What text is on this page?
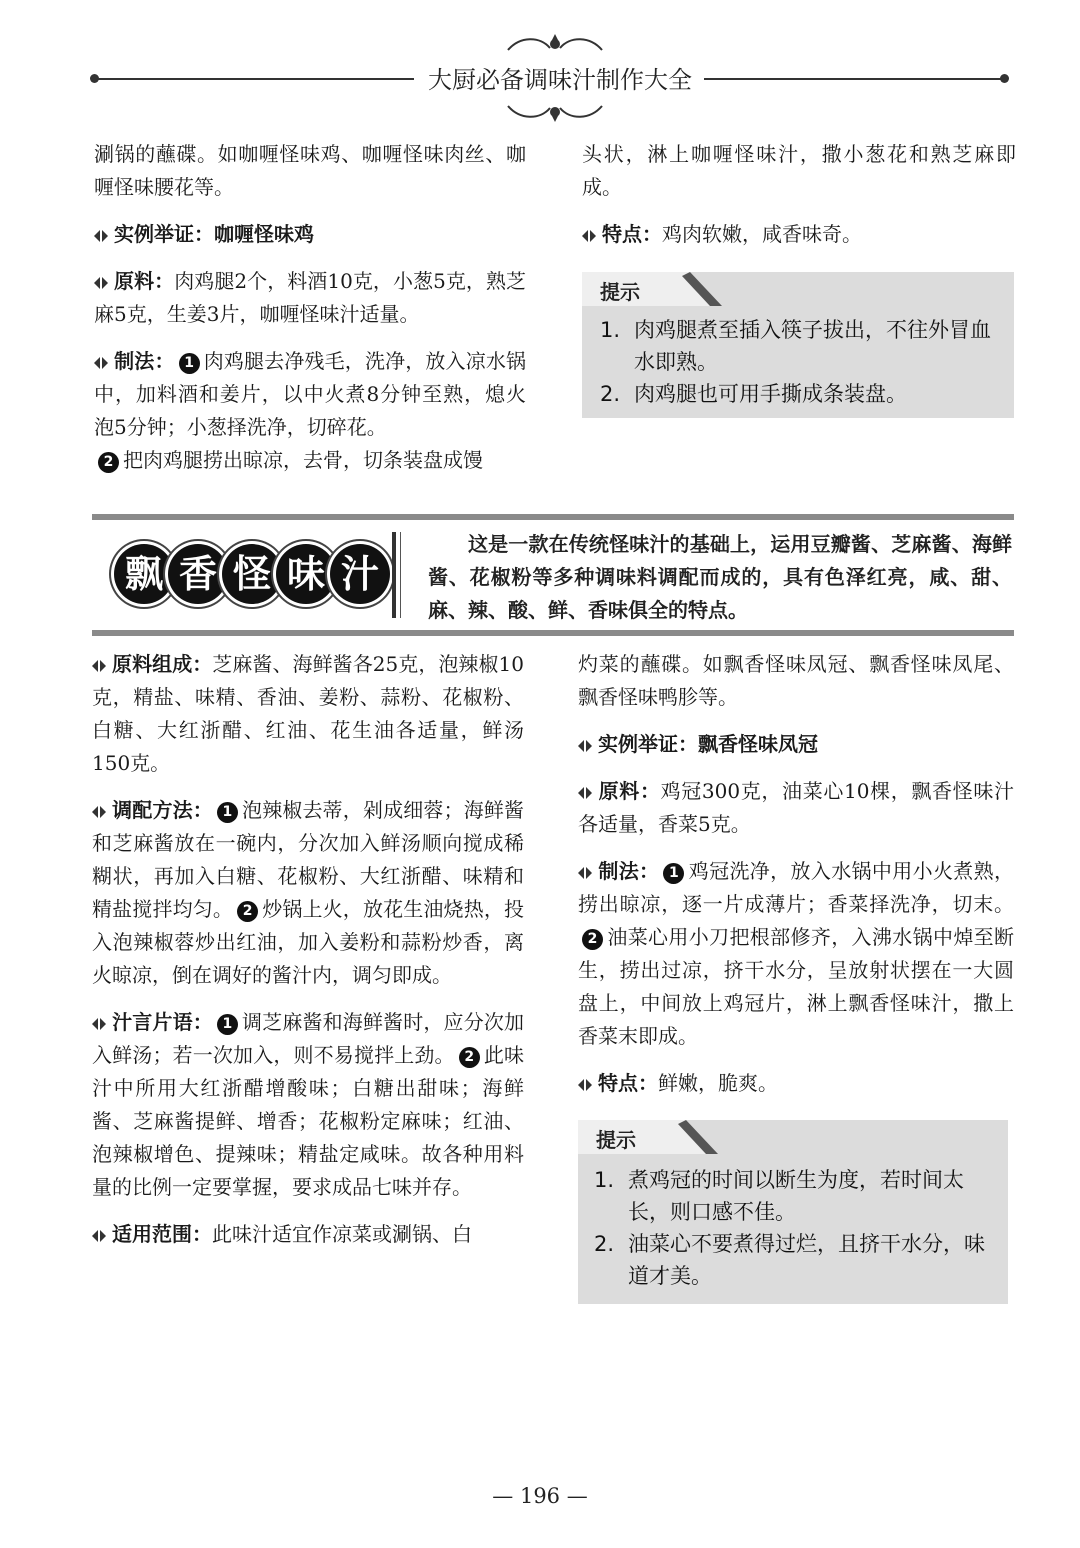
大厨必备调味汁制作大全

涮锅的蘸碟。如咖喱怪味鸡、咖喱怪味肉丝、咖喱怪味腰花等。

实例举证：咖喱怪味鸡

原料：肉鸡腿2个，料酒10克，小葱5克，熟芝麻5克，生姜3片，咖喱怪味汁适量。

制法： 1 肉鸡腿去净残毛，洗净，放入凉水锅中，加料酒和姜片，以中火煮8分钟至熟，熄火泡5分钟；小葱择洗净，切碎花。
2 把肉鸡腿捞出晾凉，去骨，切条装盘成馒

头状，淋上咖喱怪味汁，撒小葱花和熟芝麻即成。

特点：鸡肉软嫩，咸香味奇。

提示
1. 肉鸡腿煮至插入筷子拔出，不往外冒血水即熟。
2. 肉鸡腿也可用手撕成条装盘。
飘 香 怪 味 汁
这是一款在传统怪味汁的基础上，运用豆瓣酱、芝麻酱、海鲜酱、花椒粉等多种调味料调配而成的，具有色泽红亮，咸、甜、麻、辣、酸、鲜、香味俱全的特点。

原料组成：芝麻酱、海鲜酱各25克，泡辣椒10克，精盐、味精、香油、姜粉、蒜粉、花椒粉、白糖、大红浙醋、红油、花生油各适量，鲜汤150克。

调配方法： 1 泡辣椒去蒂，剁成细蓉；海鲜酱和芝麻酱放在一碗内，分次加入鲜汤顺向搅成稀糊状，再加入白糖、花椒粉、大红浙醋、味精和精盐搅拌均匀。 2 炒锅上火，放花生油烧热，投入泡辣椒蓉炒出红油，加入姜粉和蒜粉炒香，离火晾凉，倒在调好的酱汁内，调匀即成。

汁言片语： 1 调芝麻酱和海鲜酱时，应分次加入鲜汤；若一次加入，则不易搅拌上劲。 2 此味汁中所用大红浙醋增酸味；白糖出甜味；海鲜酱、芝麻酱提鲜、增香；花椒粉定麻味；红油、泡辣椒增色、提辣味；精盐定咸味。故各种用料量的比例一定要掌握，要求成品七味并存。

适用范围：此味汁适宜作凉菜或涮锅、白

灼菜的蘸碟。如飘香怪味凤冠、飘香怪味凤尾、飘香怪味鸭胗等。

实例举证：飘香怪味凤冠

原料：鸡冠300克，油菜心10棵，飘香怪味汁各适量，香菜5克。

制法： 1 鸡冠洗净，放入水锅中用小火煮熟，捞出晾凉，逐一片成薄片；香菜择洗净，切末。2 油菜心用小刀把根部修齐，入沸水锅中焯至断生，捞出过凉，挤干水分，呈放射状摆在一大圆盘上，中间放上鸡冠片，淋上飘香怪味汁，撒上香菜末即成。

特点：鲜嫩，脆爽。

提示
1. 煮鸡冠的时间以断生为度，若时间太长，则口感不佳。
2. 油菜心不要煮得过烂，且挤干水分，味道才美。
— 196 —
